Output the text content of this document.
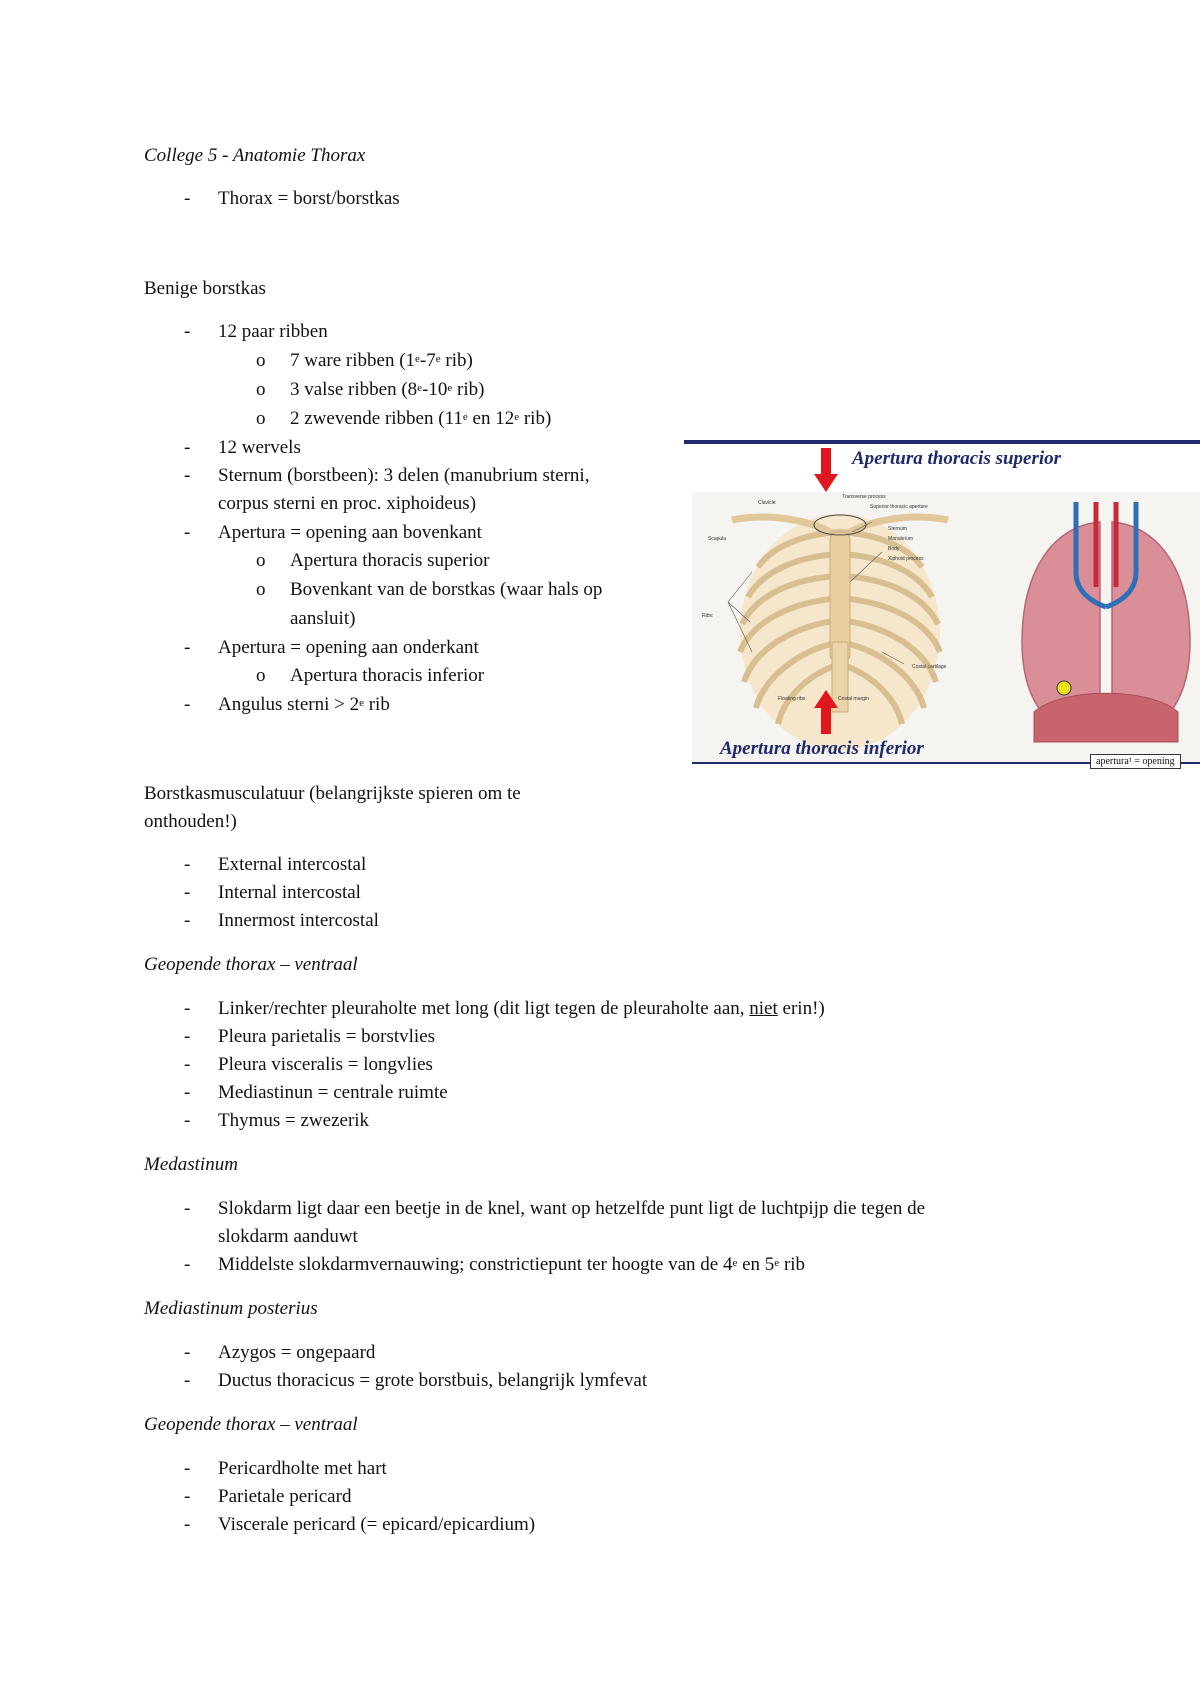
College 5 - Anatomie Thorax
- Thorax = borst/borstkas
Benige borstkas
- 12 paar ribben
o 7 ware ribben (1e-7e rib)
o 3 valse ribben (8e-10e rib)
o 2 zwevende ribben (11e en 12e rib)
- 12 wervels
- Sternum (borstbeen): 3 delen (manubrium sterni,
corpus sterni en proc. xiphoideus)
- Apertura = opening aan bovenkant
o Apertura thoracis superior
o Bovenkant van de borstkas (waar hals op
aansluit)
- Apertura = opening aan onderkant
o Apertura thoracis inferior
- Angulus sterni > $2^e$ rib
Apertura thoracis superior
Clavicle
Scapula
Ribs:
Transverse process
Superior thoracic aperture
Sternum
Manubrium
Body
Xiphoid process
Costal cartilage
Costal margin
Floating ribs
Apertura thoracis inferior
apertura¹ = opening
Borstkasmusculatuur (belangrijkste spieren om te
onthouden!)
- External intercostal
- Internal intercostal
- Innermost intercostal
Geopende thorax – ventraal
- Linker/rechter pleuraholte met long (dit ligt tegen de pleuraholte aan, niet erin!)
- Pleura parietalis = borstvlies
- Pleura visceralis = longvlies
- Mediastinun = centrale ruimte
- Thymus = zwezerik
Medastinum
- Slokdarm ligt daar een beetje in de knel, want op hetzelfde punt ligt de luchtpijp die tegen de
slokdarm aanduwt
- Middelste slokdarmvernauwing; constrictiepunt ter hoogte van de 4e en 5e rib
Mediastinum posterius
- Azygos = ongepaard
- Ductus thoracicus = grote borstbuis, belangrijk lymfevat
Geopende thorax – ventraal
- Pericardholte met hart
- Parietale pericard
- Viscerale pericard (= epicard/epicardium)
